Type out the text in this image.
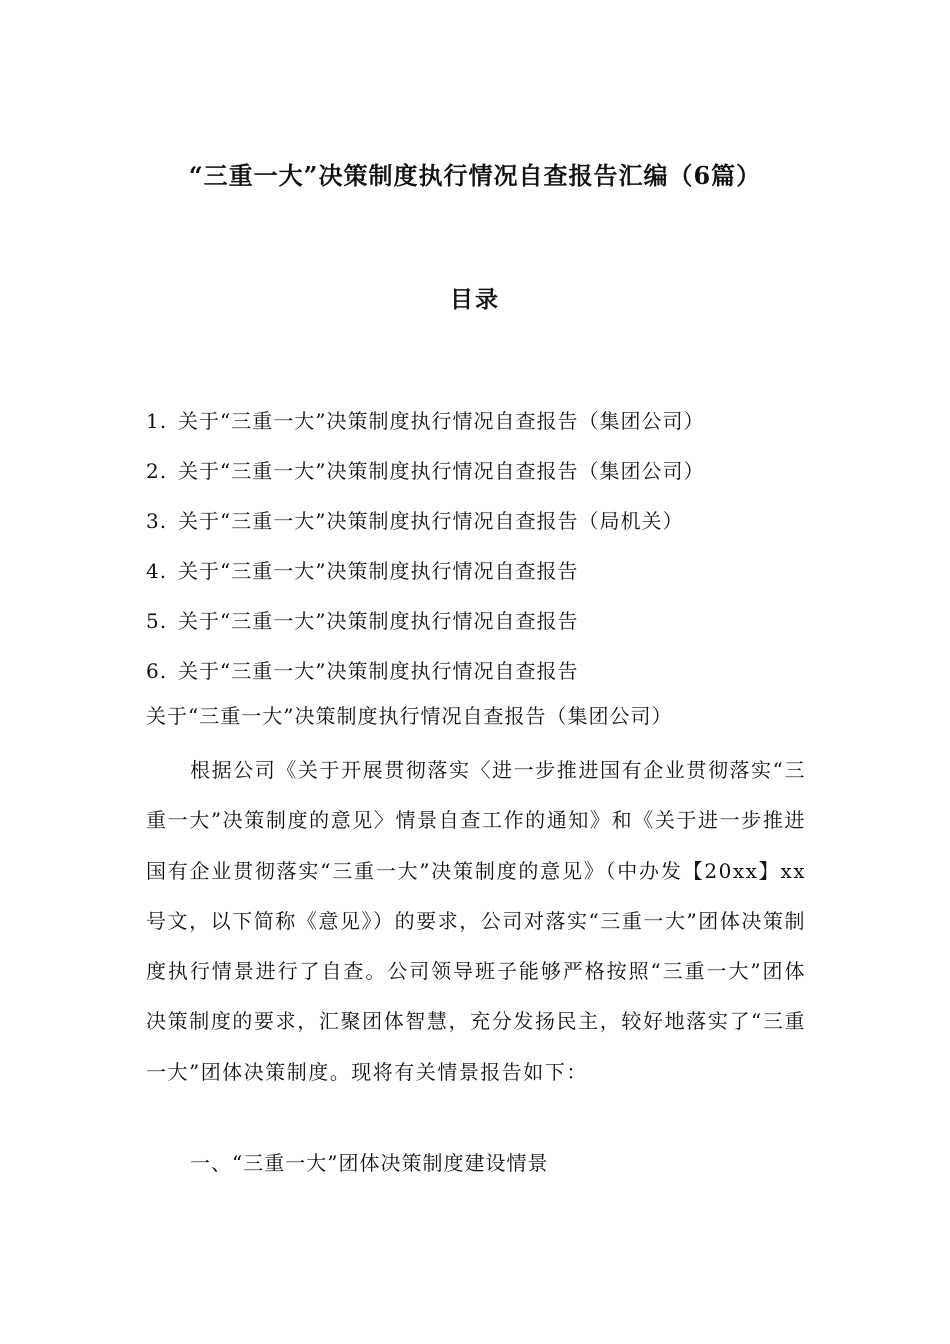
“三重一大”决策制度执行情况自查报告汇编（6篇）
目录
1. 关于“三重一大”决策制度执行情况自查报告（集团公司）
2. 关于“三重一大”决策制度执行情况自查报告（集团公司）
3. 关于“三重一大”决策制度执行情况自查报告（局机关）
4. 关于“三重一大”决策制度执行情况自查报告
5. 关于“三重一大”决策制度执行情况自查报告
6. 关于“三重一大”决策制度执行情况自查报告
关于“三重一大”决策制度执行情况自查报告（集团公司）

根据公司《关于开展贯彻落实〈进一步推进国有企业贯彻落实“三重一大”决策制度的意见〉情景自查工作的通知》和《关于进一步推进国有企业贯彻落实“三重一大”决策制度的意见》（中办发【20xx】xx号文，以下简称《意见》）的要求，公司对落实“三重一大”团体决策制度执行情景进行了自查。公司领导班子能够严格按照“三重一大”团体决策制度的要求，汇聚团体智慧，充分发扬民主，较好地落实了“三重一大”团体决策制度。现将有关情景报告如下：

一、“三重一大”团体决策制度建设情景
